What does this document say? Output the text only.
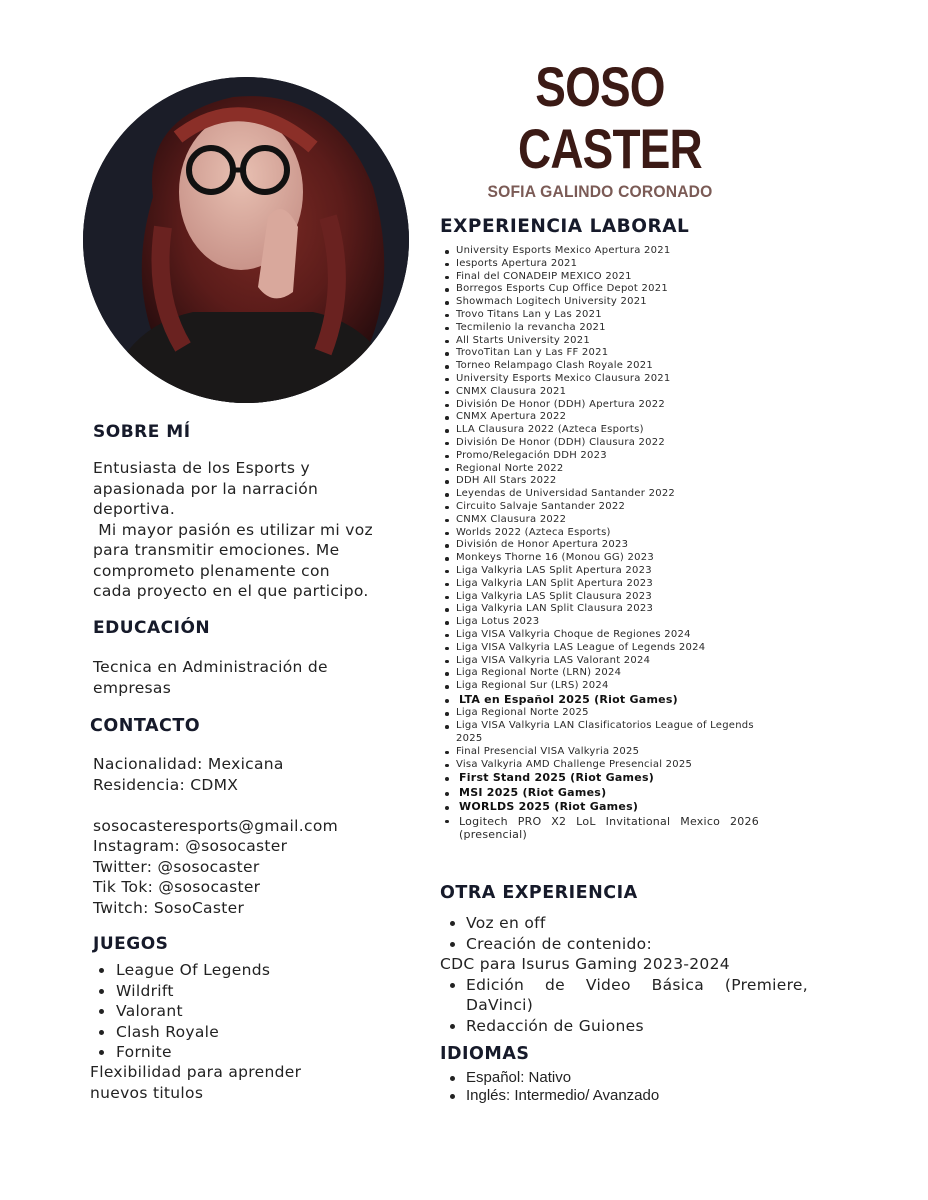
SOSO
CASTER
SOFIA GALINDO CORONADO
SOBRE MÍ
Entusiasta de los Esports y
apasionada por la narración
deportiva.
Mi mayor pasión es utilizar mi voz
para transmitir emociones. Me
comprometo plenamente con
cada proyecto en el que participo.
EDUCACIÓN
Tecnica en Administración de
empresas
CONTACTO
Nacionalidad: Mexicana
Residencia: CDMX
sosocasteresports@gmail.com
Instagram: @sosocaster
Twitter: @sosocaster
Tik Tok: @sosocaster
Twitch: SosoCaster
JUEGOS
League Of Legends
Wildrift
Valorant
Clash Royale
Fornite
Flexibilidad para aprender
nuevos titulos
EXPERIENCIA LABORAL
University Esports Mexico Apertura 2021
Iesports Apertura 2021
Final del CONADEIP MEXICO 2021
Borregos Esports Cup Office Depot 2021
Showmach Logitech University 2021
Trovo Titans Lan y Las 2021
Tecmilenio la revancha 2021
All Starts University 2021
TrovoTitan Lan y Las FF 2021
Torneo Relampago Clash Royale 2021
University Esports Mexico Clausura 2021
CNMX Clausura 2021
División De Honor (DDH) Apertura 2022
CNMX Apertura 2022
LLA Clausura 2022 (Azteca Esports)
División De Honor (DDH) Clausura 2022
Promo/Relegación DDH 2023
Regional Norte 2022
DDH All Stars 2022
Leyendas de Universidad Santander 2022
Circuito Salvaje Santander 2022
CNMX Clausura 2022
Worlds 2022 (Azteca Esports)
División de Honor Apertura 2023
Monkeys Thorne 16 (Monou GG) 2023
Liga Valkyria LAS Split Apertura 2023
Liga Valkyria LAN Split Apertura 2023
Liga Valkyria LAS Split Clausura 2023
Liga Valkyria LAN Split Clausura 2023
Liga Lotus 2023
Liga VISA Valkyria Choque de Regiones 2024
Liga VISA Valkyria LAS League of Legends 2024
Liga VISA Valkyria LAS Valorant 2024
Liga Regional Norte (LRN) 2024
Liga Regional Sur (LRS) 2024
LTA en Español 2025 (Riot Games)
Liga Regional Norte 2025
Liga VISA Valkyria LAN Clasificatorios League of Legends 2025
Final Presencial VISA Valkyria 2025
Visa Valkyria AMD Challenge Presencial 2025
First Stand 2025 (Riot Games)
MSI 2025 (Riot Games)
WORLDS 2025 (Riot Games)
Logitech PRO X2 LoL Invitational Mexico 2026 (presencial)
OTRA EXPERIENCIA
Voz en off
Creación de contenido:
CDC para Isurus Gaming 2023-2024
Edición de Video Básica (Premiere, DaVinci)
Redacción de Guiones
IDIOMAS
Español: Nativo
Inglés: Intermedio/ Avanzado
